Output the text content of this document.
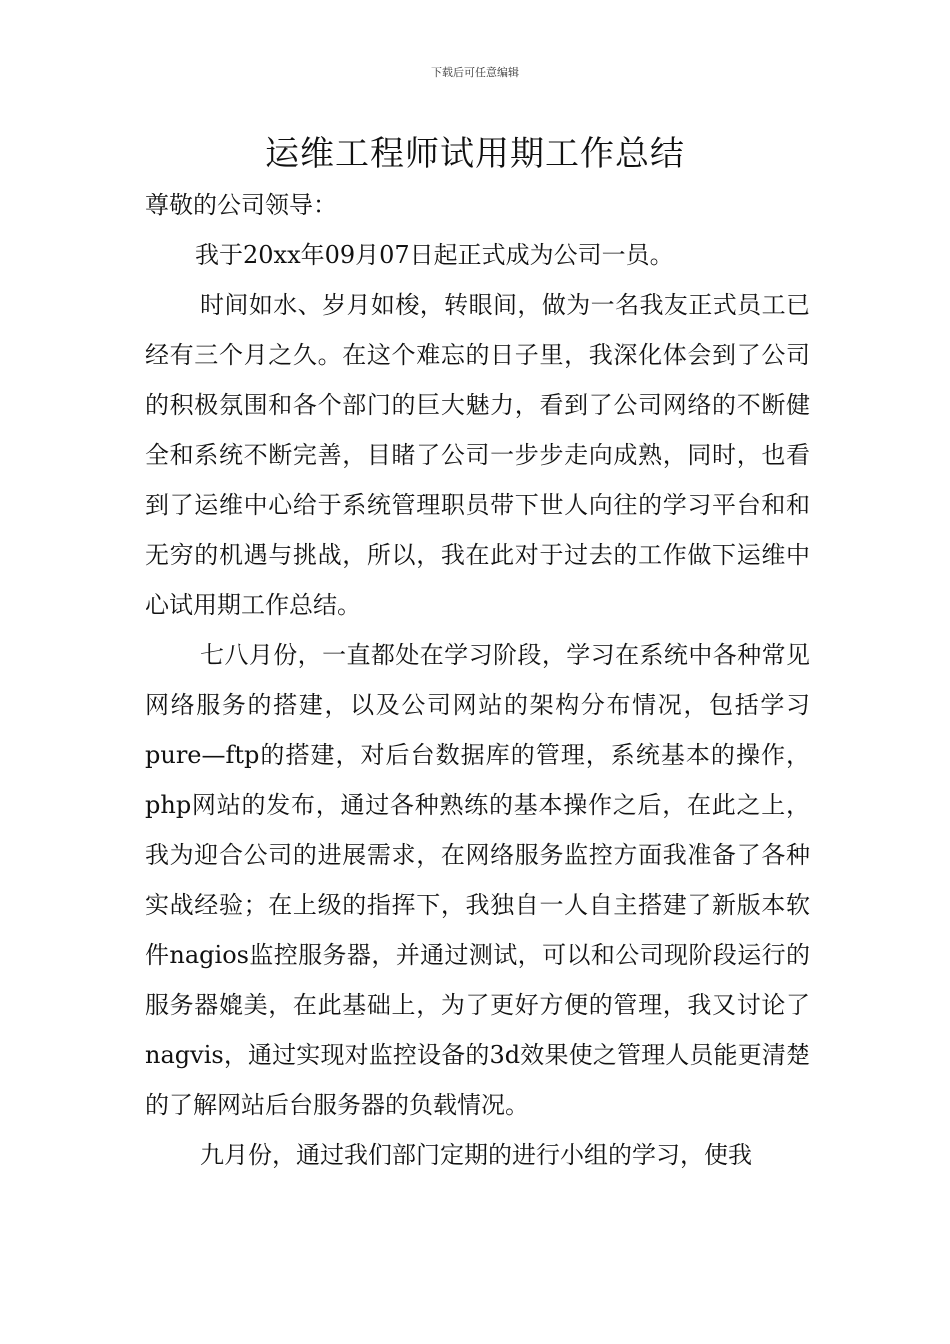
下载后可任意编辑
运维工程师试用期工作总结

尊敬的公司领导：

我于20xx年09月07日起正式成为公司一员。

时间如水、岁月如梭，转眼间，做为一名我友正式员工已经有三个月之久。在这个难忘的日子里，我深化体会到了公司的积极氛围和各个部门的巨大魅力，看到了公司网络的不断健全和系统不断完善，目睹了公司一步步走向成熟，同时，也看到了运维中心给于系统管理职员带下世人向往的学习平台和和无穷的机遇与挑战，所以，我在此对于过去的工作做下运维中心试用期工作总结。

七八月份，一直都处在学习阶段，学习在系统中各种常见网络服务的搭建，以及公司网站的架构分布情况，包括学习pure—ftp的搭建，对后台数据库的管理，系统基本的操作，php网站的发布，通过各种熟练的基本操作之后，在此之上，我为迎合公司的进展需求，在网络服务监控方面我准备了各种实战经验；在上级的指挥下，我独自一人自主搭建了新版本软件nagios监控服务器，并通过测试，可以和公司现阶段运行的服务器媲美，在此基础上，为了更好方便的管理，我又讨论了nagvis，通过实现对监控设备的3d效果使之管理人员能更清楚的了解网站后台服务器的负载情况。

九月份，通过我们部门定期的进行小组的学习，使我
